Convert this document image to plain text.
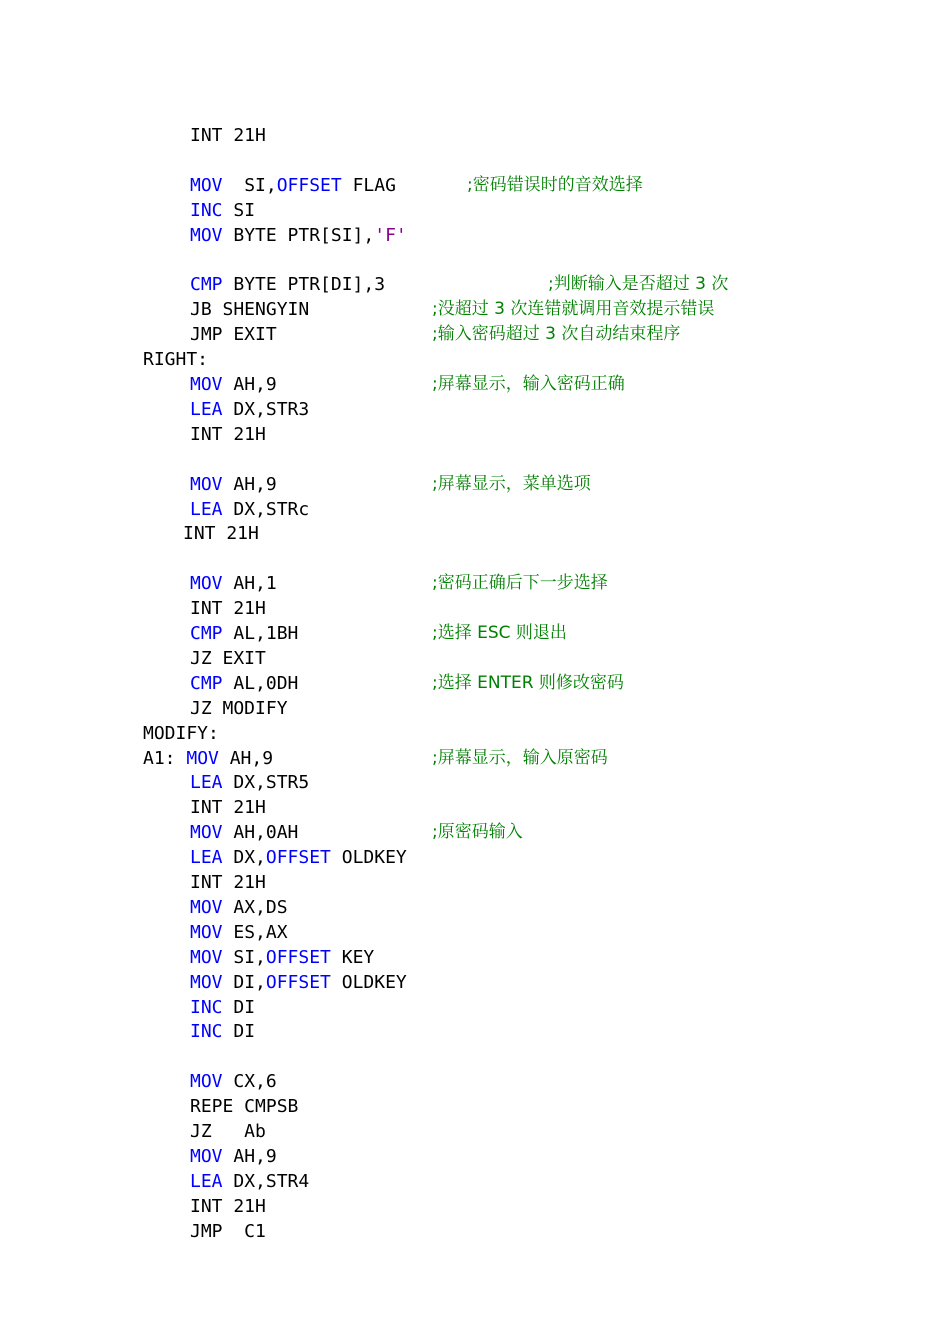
INT 21H
MOV  SI,OFFSET FLAG	;密码错误时的音效选择
INC SI
MOV BYTE PTR[SI],'F'
CMP BYTE PTR[DI],3	;判断输入是否超过 3 次
JB SHENGYIN	;没超过 3 次连错就调用音效提示错误
JMP EXIT	;输入密码超过 3 次自动结束程序
RIGHT:
MOV AH,9	;屏幕显示，输入密码正确
LEA DX,STR3
INT 21H
MOV AH,9	;屏幕显示，菜单选项
LEA DX,STRc
INT 21H
MOV AH,1	;密码正确后下一步选择
INT 21H
CMP AL,1BH	;选择 ESC 则退出
JZ EXIT
CMP AL,0DH	;选择 ENTER 则修改密码
JZ MODIFY
MODIFY:
A1: MOV AH,9	;屏幕显示，输入原密码
LEA DX,STR5
INT 21H
MOV AH,0AH	;原密码输入
LEA DX,OFFSET OLDKEY
INT 21H
MOV AX,DS
MOV ES,AX
MOV SI,OFFSET KEY
MOV DI,OFFSET OLDKEY
INC DI
INC DI
MOV CX,6
REPE CMPSB
JZ   Ab
MOV AH,9
LEA DX,STR4
INT 21H
JMP  C1
